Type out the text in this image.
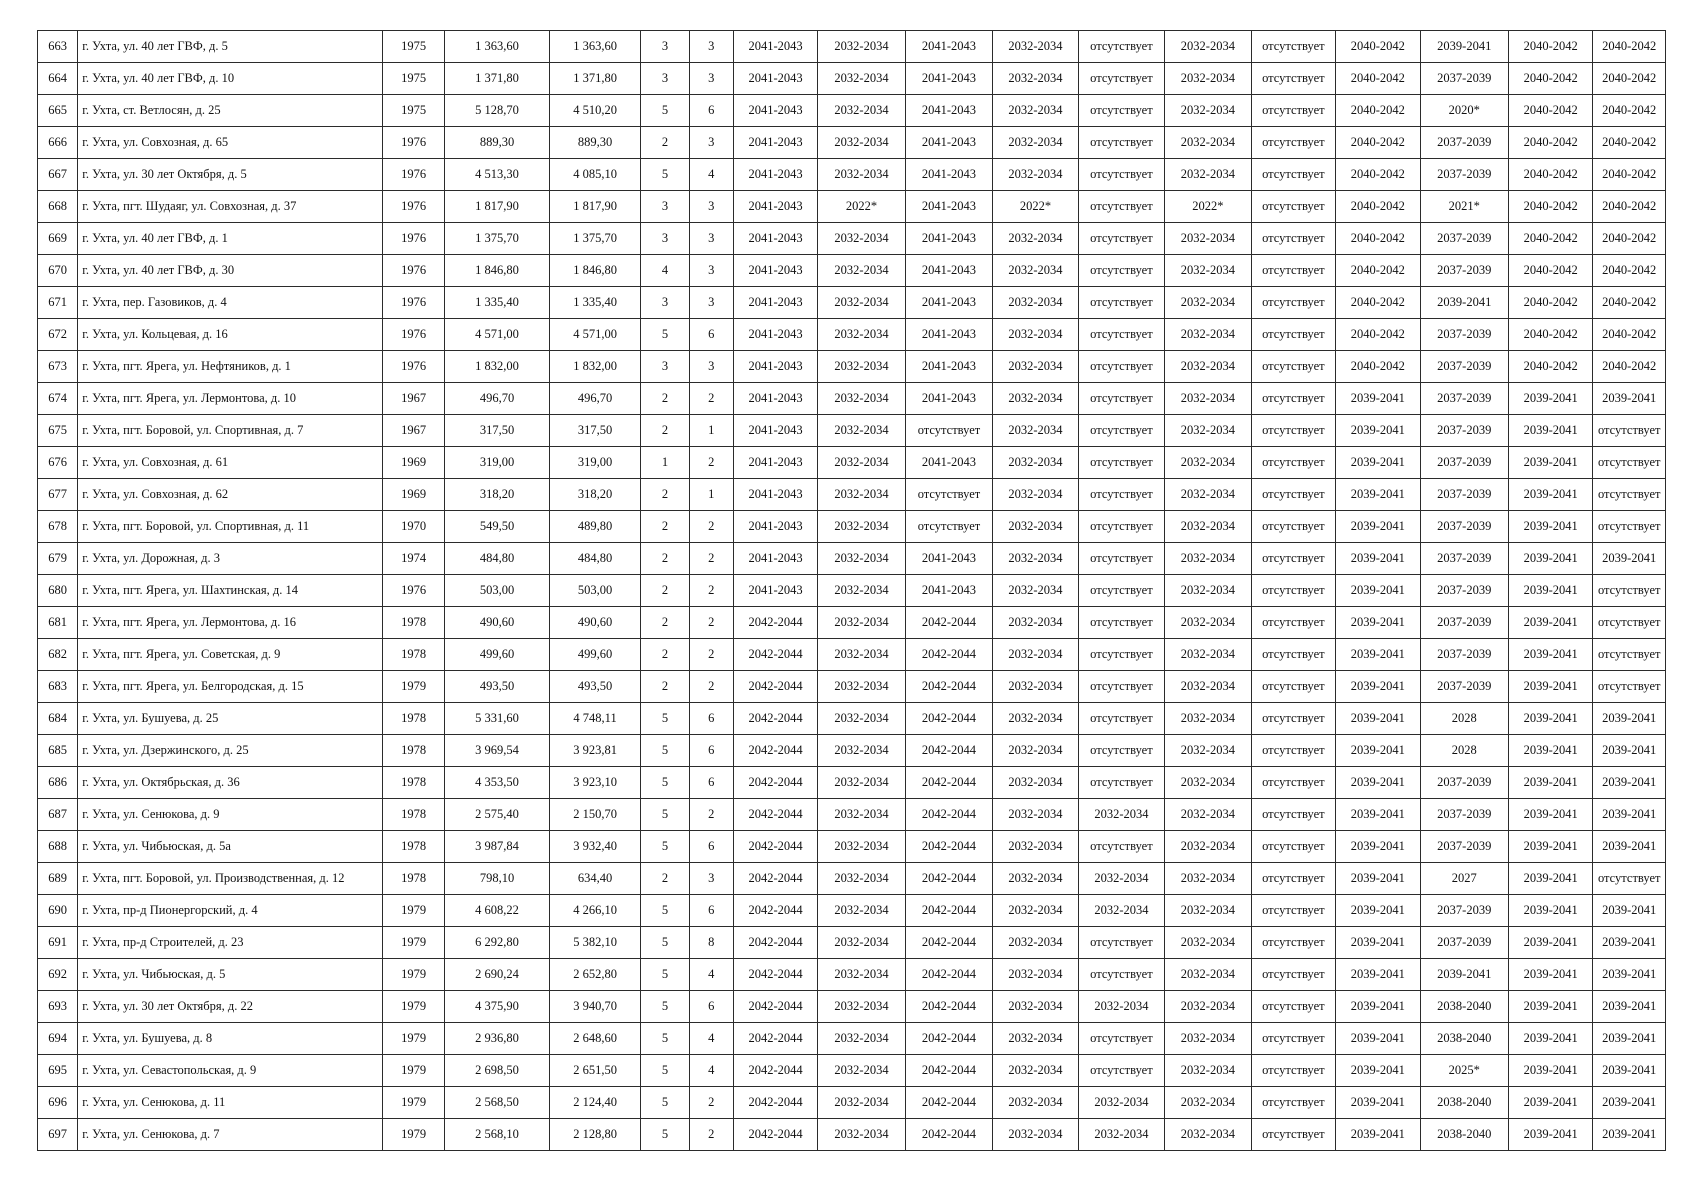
663	г. Ухта, ул. 40 лет ГВФ, д. 5	1975	1 363,60	1 363,60	3	3	2041-2043	2032-2034	2041-2043	2032-2034	отсутствует	2032-2034	отсутствует	2040-2042	2039-2041	2040-2042	2040-2042
664	г. Ухта, ул. 40 лет ГВФ, д. 10	1975	1 371,80	1 371,80	3	3	2041-2043	2032-2034	2041-2043	2032-2034	отсутствует	2032-2034	отсутствует	2040-2042	2037-2039	2040-2042	2040-2042
665	г. Ухта, ст. Ветлосян, д. 25	1975	5 128,70	4 510,20	5	6	2041-2043	2032-2034	2041-2043	2032-2034	отсутствует	2032-2034	отсутствует	2040-2042	2020*	2040-2042	2040-2042
666	г. Ухта, ул. Совхозная, д. 65	1976	889,30	889,30	2	3	2041-2043	2032-2034	2041-2043	2032-2034	отсутствует	2032-2034	отсутствует	2040-2042	2037-2039	2040-2042	2040-2042
667	г. Ухта, ул. 30 лет Октября, д. 5	1976	4 513,30	4 085,10	5	4	2041-2043	2032-2034	2041-2043	2032-2034	отсутствует	2032-2034	отсутствует	2040-2042	2037-2039	2040-2042	2040-2042
668	г. Ухта, пгт. Шудаяг, ул. Совхозная, д. 37	1976	1 817,90	1 817,90	3	3	2041-2043	2022*	2041-2043	2022*	отсутствует	2022*	отсутствует	2040-2042	2021*	2040-2042	2040-2042
669	г. Ухта, ул. 40 лет ГВФ, д. 1	1976	1 375,70	1 375,70	3	3	2041-2043	2032-2034	2041-2043	2032-2034	отсутствует	2032-2034	отсутствует	2040-2042	2037-2039	2040-2042	2040-2042
670	г. Ухта, ул. 40 лет ГВФ, д. 30	1976	1 846,80	1 846,80	4	3	2041-2043	2032-2034	2041-2043	2032-2034	отсутствует	2032-2034	отсутствует	2040-2042	2037-2039	2040-2042	2040-2042
671	г. Ухта, пер. Газовиков, д. 4	1976	1 335,40	1 335,40	3	3	2041-2043	2032-2034	2041-2043	2032-2034	отсутствует	2032-2034	отсутствует	2040-2042	2039-2041	2040-2042	2040-2042
672	г. Ухта, ул. Кольцевая, д. 16	1976	4 571,00	4 571,00	5	6	2041-2043	2032-2034	2041-2043	2032-2034	отсутствует	2032-2034	отсутствует	2040-2042	2037-2039	2040-2042	2040-2042
673	г. Ухта, пгт. Ярега, ул. Нефтяников, д. 1	1976	1 832,00	1 832,00	3	3	2041-2043	2032-2034	2041-2043	2032-2034	отсутствует	2032-2034	отсутствует	2040-2042	2037-2039	2040-2042	2040-2042
674	г. Ухта, пгт. Ярега, ул. Лермонтова, д. 10	1967	496,70	496,70	2	2	2041-2043	2032-2034	2041-2043	2032-2034	отсутствует	2032-2034	отсутствует	2039-2041	2037-2039	2039-2041	2039-2041
675	г. Ухта, пгт. Боровой, ул. Спортивная, д. 7	1967	317,50	317,50	2	1	2041-2043	2032-2034	отсутствует	2032-2034	отсутствует	2032-2034	отсутствует	2039-2041	2037-2039	2039-2041	отсутствует
676	г. Ухта, ул. Совхозная, д. 61	1969	319,00	319,00	1	2	2041-2043	2032-2034	2041-2043	2032-2034	отсутствует	2032-2034	отсутствует	2039-2041	2037-2039	2039-2041	отсутствует
677	г. Ухта, ул. Совхозная, д. 62	1969	318,20	318,20	2	1	2041-2043	2032-2034	отсутствует	2032-2034	отсутствует	2032-2034	отсутствует	2039-2041	2037-2039	2039-2041	отсутствует
678	г. Ухта, пгт. Боровой, ул. Спортивная, д. 11	1970	549,50	489,80	2	2	2041-2043	2032-2034	отсутствует	2032-2034	отсутствует	2032-2034	отсутствует	2039-2041	2037-2039	2039-2041	отсутствует
679	г. Ухта, ул. Дорожная, д. 3	1974	484,80	484,80	2	2	2041-2043	2032-2034	2041-2043	2032-2034	отсутствует	2032-2034	отсутствует	2039-2041	2037-2039	2039-2041	2039-2041
680	г. Ухта, пгт. Ярега, ул. Шахтинская, д. 14	1976	503,00	503,00	2	2	2041-2043	2032-2034	2041-2043	2032-2034	отсутствует	2032-2034	отсутствует	2039-2041	2037-2039	2039-2041	отсутствует
681	г. Ухта, пгт. Ярега, ул. Лермонтова, д. 16	1978	490,60	490,60	2	2	2042-2044	2032-2034	2042-2044	2032-2034	отсутствует	2032-2034	отсутствует	2039-2041	2037-2039	2039-2041	отсутствует
682	г. Ухта, пгт. Ярега, ул. Советская, д. 9	1978	499,60	499,60	2	2	2042-2044	2032-2034	2042-2044	2032-2034	отсутствует	2032-2034	отсутствует	2039-2041	2037-2039	2039-2041	отсутствует
683	г. Ухта, пгт. Ярега, ул. Белгородская, д. 15	1979	493,50	493,50	2	2	2042-2044	2032-2034	2042-2044	2032-2034	отсутствует	2032-2034	отсутствует	2039-2041	2037-2039	2039-2041	отсутствует
684	г. Ухта, ул. Бушуева, д. 25	1978	5 331,60	4 748,11	5	6	2042-2044	2032-2034	2042-2044	2032-2034	отсутствует	2032-2034	отсутствует	2039-2041	2028	2039-2041	2039-2041
685	г. Ухта, ул. Дзержинского, д. 25	1978	3 969,54	3 923,81	5	6	2042-2044	2032-2034	2042-2044	2032-2034	отсутствует	2032-2034	отсутствует	2039-2041	2028	2039-2041	2039-2041
686	г. Ухта, ул. Октябрьская, д. 36	1978	4 353,50	3 923,10	5	6	2042-2044	2032-2034	2042-2044	2032-2034	отсутствует	2032-2034	отсутствует	2039-2041	2037-2039	2039-2041	2039-2041
687	г. Ухта, ул. Сенюкова, д. 9	1978	2 575,40	2 150,70	5	2	2042-2044	2032-2034	2042-2044	2032-2034	2032-2034	2032-2034	отсутствует	2039-2041	2037-2039	2039-2041	2039-2041
688	г. Ухта, ул. Чибьюская, д. 5а	1978	3 987,84	3 932,40	5	6	2042-2044	2032-2034	2042-2044	2032-2034	отсутствует	2032-2034	отсутствует	2039-2041	2037-2039	2039-2041	2039-2041
689	г. Ухта, пгт. Боровой, ул. Производственная, д. 12	1978	798,10	634,40	2	3	2042-2044	2032-2034	2042-2044	2032-2034	2032-2034	2032-2034	отсутствует	2039-2041	2027	2039-2041	отсутствует
690	г. Ухта, пр-д Пионергорский, д. 4	1979	4 608,22	4 266,10	5	6	2042-2044	2032-2034	2042-2044	2032-2034	2032-2034	2032-2034	отсутствует	2039-2041	2037-2039	2039-2041	2039-2041
691	г. Ухта, пр-д Строителей, д. 23	1979	6 292,80	5 382,10	5	8	2042-2044	2032-2034	2042-2044	2032-2034	отсутствует	2032-2034	отсутствует	2039-2041	2037-2039	2039-2041	2039-2041
692	г. Ухта, ул. Чибьюская, д. 5	1979	2 690,24	2 652,80	5	4	2042-2044	2032-2034	2042-2044	2032-2034	отсутствует	2032-2034	отсутствует	2039-2041	2039-2041	2039-2041	2039-2041
693	г. Ухта, ул. 30 лет Октября, д. 22	1979	4 375,90	3 940,70	5	6	2042-2044	2032-2034	2042-2044	2032-2034	2032-2034	2032-2034	отсутствует	2039-2041	2038-2040	2039-2041	2039-2041
694	г. Ухта, ул. Бушуева, д. 8	1979	2 936,80	2 648,60	5	4	2042-2044	2032-2034	2042-2044	2032-2034	отсутствует	2032-2034	отсутствует	2039-2041	2038-2040	2039-2041	2039-2041
695	г. Ухта, ул. Севастопольская, д. 9	1979	2 698,50	2 651,50	5	4	2042-2044	2032-2034	2042-2044	2032-2034	отсутствует	2032-2034	отсутствует	2039-2041	2025*	2039-2041	2039-2041
696	г. Ухта, ул. Сенюкова, д. 11	1979	2 568,50	2 124,40	5	2	2042-2044	2032-2034	2042-2044	2032-2034	2032-2034	2032-2034	отсутствует	2039-2041	2038-2040	2039-2041	2039-2041
697	г. Ухта, ул. Сенюкова, д. 7	1979	2 568,10	2 128,80	5	2	2042-2044	2032-2034	2042-2044	2032-2034	2032-2034	2032-2034	отсутствует	2039-2041	2038-2040	2039-2041	2039-2041
